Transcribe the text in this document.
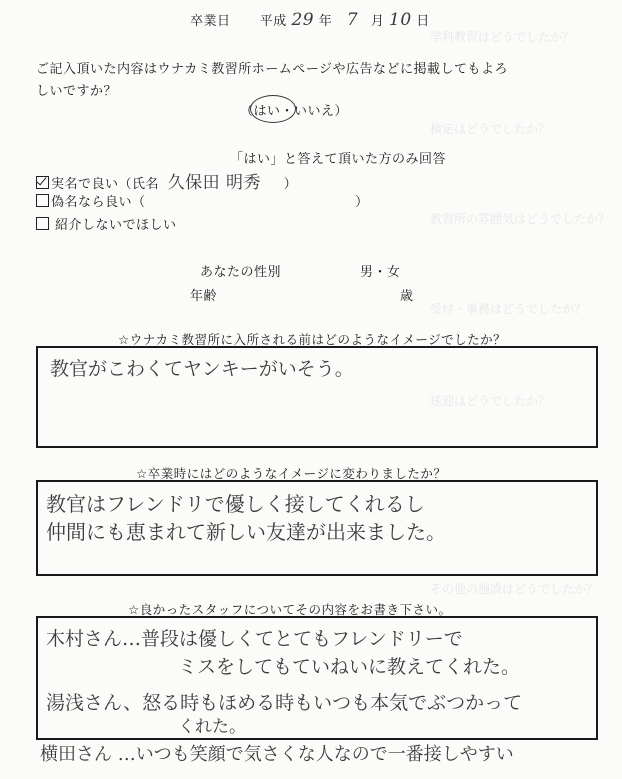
学科教習はどうでしたか？
検定はどうでしたか？
教習所の雰囲気はどうでしたか？
受付・事務はどうでしたか？
送迎はどうでしたか？
その他の施設はどうでしたか？
卒業日 平成 29 年 7 月 10 日
ご記入頂いた内容はウナカミ教習所ホームページや広告などに掲載してもよろ
しいですか？
（はい・いいえ）
「はい」と答えて頂いた方のみ回答
実名で良い（氏名 久保田 明秀 ）
偽名なら良い（	）
紹介しないでほしい
あなたの性別	男・女
年齢	歳
☆ウナカミ教習所に入所される前はどのようなイメージでしたか？
教官がこわくてヤンキーがいそう。
☆卒業時にはどのようなイメージに変わりましたか？
教官はフレンドリで優しく接してくれるし
仲間にも恵まれて新しい友達が出来ました。
☆良かったスタッフについてその内容をお書き下さい。
木村さん…普段は優しくてとてもフレンドリーで
ミスをしてもていねいに教えてくれた。
湯浅さん、怒る時もほめる時もいつも本気でぶつかって
くれた。
横田さん …いつも笑顔で気さくな人なので一番接しやすい
